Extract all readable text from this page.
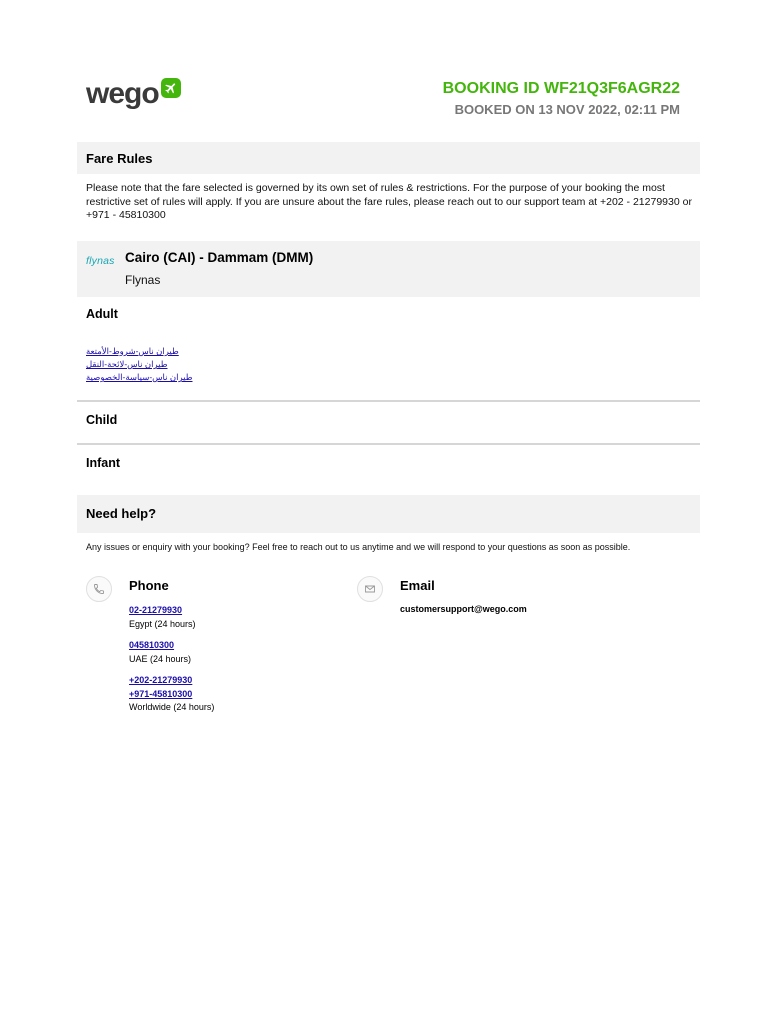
wego	BOOKING ID WF21Q3F6AGR22
BOOKED ON 13 NOV 2022, 02:11 PM
Fare Rules
Please note that the fare selected is governed by its own set of rules & restrictions. For the purpose of your booking the most restrictive set of rules will apply. If you are unsure about the fare rules, please reach out to our support team at +202 - 21279930 or +971 - 45810300
flynas Cairo (CAI) - Dammam (DMM)
Flynas
Adult
طيران ناس-شروط-الأمتعة
طيران ناس-لائحة-النقل
طيران ناس-سياسة-الخصوصية
Child
Infant
Need help?
Any issues or enquiry with your booking? Feel free to reach out to us anytime and we will respond to your questions as soon as possible.
Phone
02-21279930
Egypt (24 hours)
045810300
UAE (24 hours)
+202-21279930
+971-45810300
Worldwide (24 hours)
Email
customersupport@wego.com
